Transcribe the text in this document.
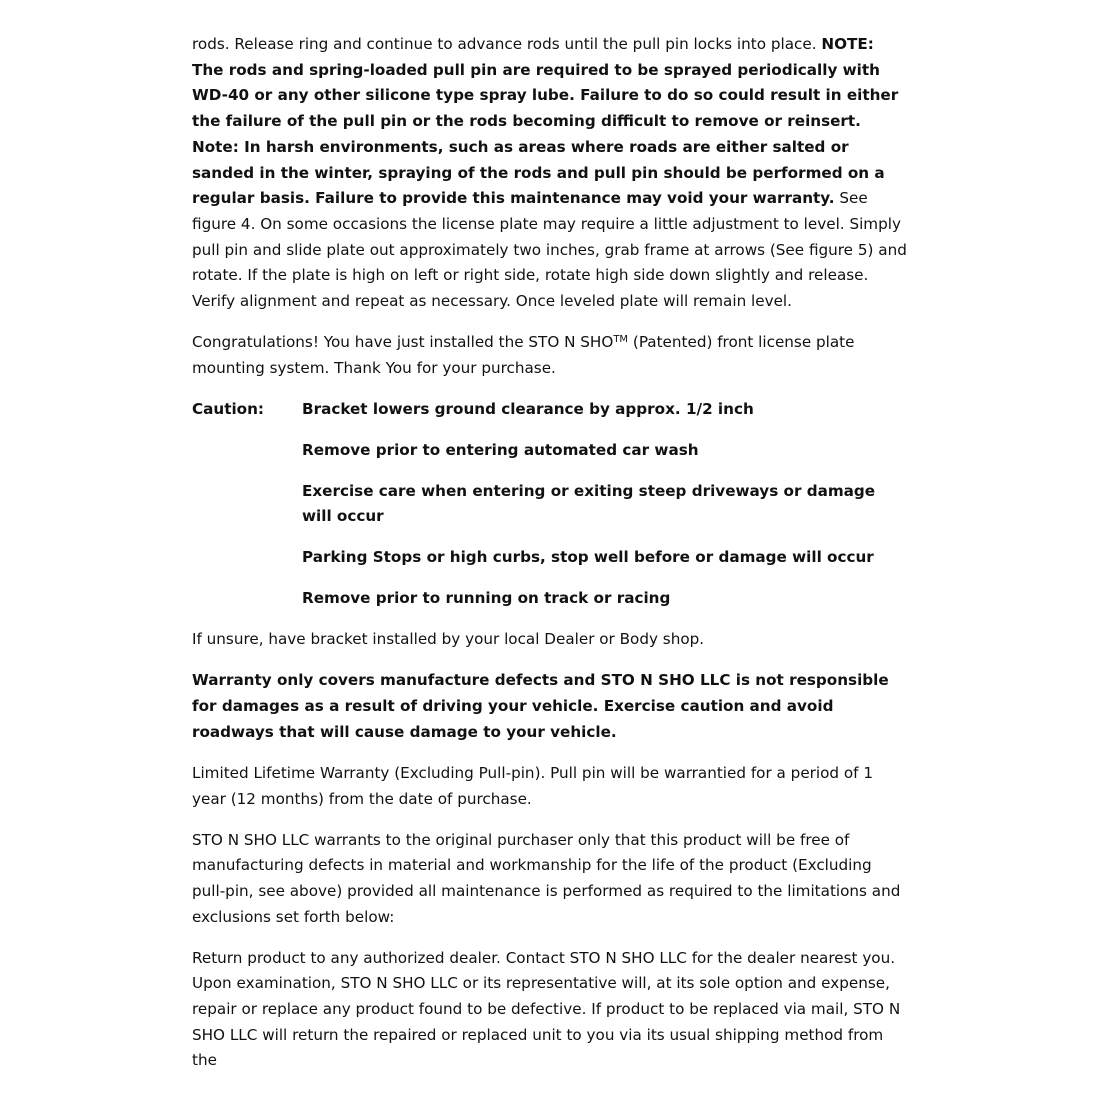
rods. Release ring and continue to advance rods until the pull pin locks into place. NOTE: The rods and spring-loaded pull pin are required to be sprayed periodically with WD-40 or any other silicone type spray lube. Failure to do so could result in either the failure of the pull pin or the rods becoming difficult to remove or reinsert. Note: In harsh environments, such as areas where roads are either salted or sanded in the winter, spraying of the rods and pull pin should be performed on a regular basis. Failure to provide this maintenance may void your warranty. See figure 4. On some occasions the license plate may require a little adjustment to level. Simply pull pin and slide plate out approximately two inches, grab frame at arrows (See figure 5) and rotate. If the plate is high on left or right side, rotate high side down slightly and release. Verify alignment and repeat as necessary. Once leveled plate will remain level.

Congratulations! You have just installed the STO N SHO™ (Patented) front license plate mounting system. Thank You for your purchase.

Caution:	Bracket lowers ground clearance by approx. 1/2 inch
Remove prior to entering automated car wash
Exercise care when entering or exiting steep driveways or damage will occur
Parking Stops or high curbs, stop well before or damage will occur
Remove prior to running on track or racing

If unsure, have bracket installed by your local Dealer or Body shop.

Warranty only covers manufacture defects and STO N SHO LLC is not responsible for damages as a result of driving your vehicle. Exercise caution and avoid roadways that will cause damage to your vehicle.

Limited Lifetime Warranty (Excluding Pull-pin). Pull pin will be warrantied for a period of 1 year (12 months) from the date of purchase.

STO N SHO LLC warrants to the original purchaser only that this product will be free of manufacturing defects in material and workmanship for the life of the product (Excluding pull-pin, see above) provided all maintenance is performed as required to the limitations and exclusions set forth below:

Return product to any authorized dealer. Contact STO N SHO LLC for the dealer nearest you. Upon examination, STO N SHO LLC or its representative will, at its sole option and expense, repair or replace any product found to be defective. If product to be replaced via mail, STO N SHO LLC will return the repaired or replaced unit to you via its usual shipping method from the
